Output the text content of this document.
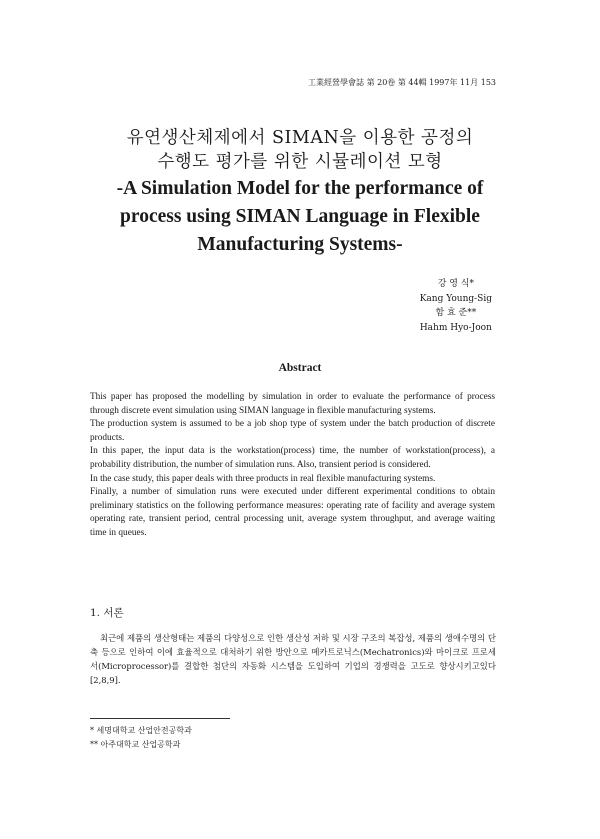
工業經營學會誌 第 20卷 第 44輯 1997年 11月 153
유연생산체제에서 SIMAN을 이용한 공정의
수행도 평가를 위한 시뮬레이션 모형
-A Simulation Model for the performance of
process using SIMAN Language in Flexible
Manufacturing Systems-
강 영 식*
Kang Young-Sig
함 효 준**
Hahm Hyo-Joon
Abstract

This paper has proposed the modelling by simulation in order to evaluate the performance of process through discrete event simulation using SIMAN language in flexible manufacturing systems.

The production system is assumed to be a job shop type of system under the batch production of discrete products.

In this paper, the input data is the workstation(process) time, the number of workstation(process), a probability distribution, the number of simulation runs. Also, transient period is considered.

In the case study, this paper deals with three products in real flexible manufacturing systems.

Finally, a number of simulation runs were executed under different experimental conditions to obtain preliminary statistics on the following performance measures: operating rate of facility and average system operating rate, transient period, central processing unit, average system throughput, and average waiting time in queues.

1. 서론

최근에 제품의 생산형태는 제품의 다양성으로 인한 생산성 저하 및 시장 구조의 복잡성, 제품의 생애수명의 단축 등으로 인하여 이에 효율적으로 대처하기 위한 방안으로 메카트로닉스(Mechatronics)와 마이크로 프로세서(Microprocessor)를 결합한 첨단의 자동화 시스템을 도입하여 기업의 경쟁력을 고도로 향상시키고있다[2,8,9].

* 세명대학교 산업안전공학과
** 아주대학교 산업공학과
